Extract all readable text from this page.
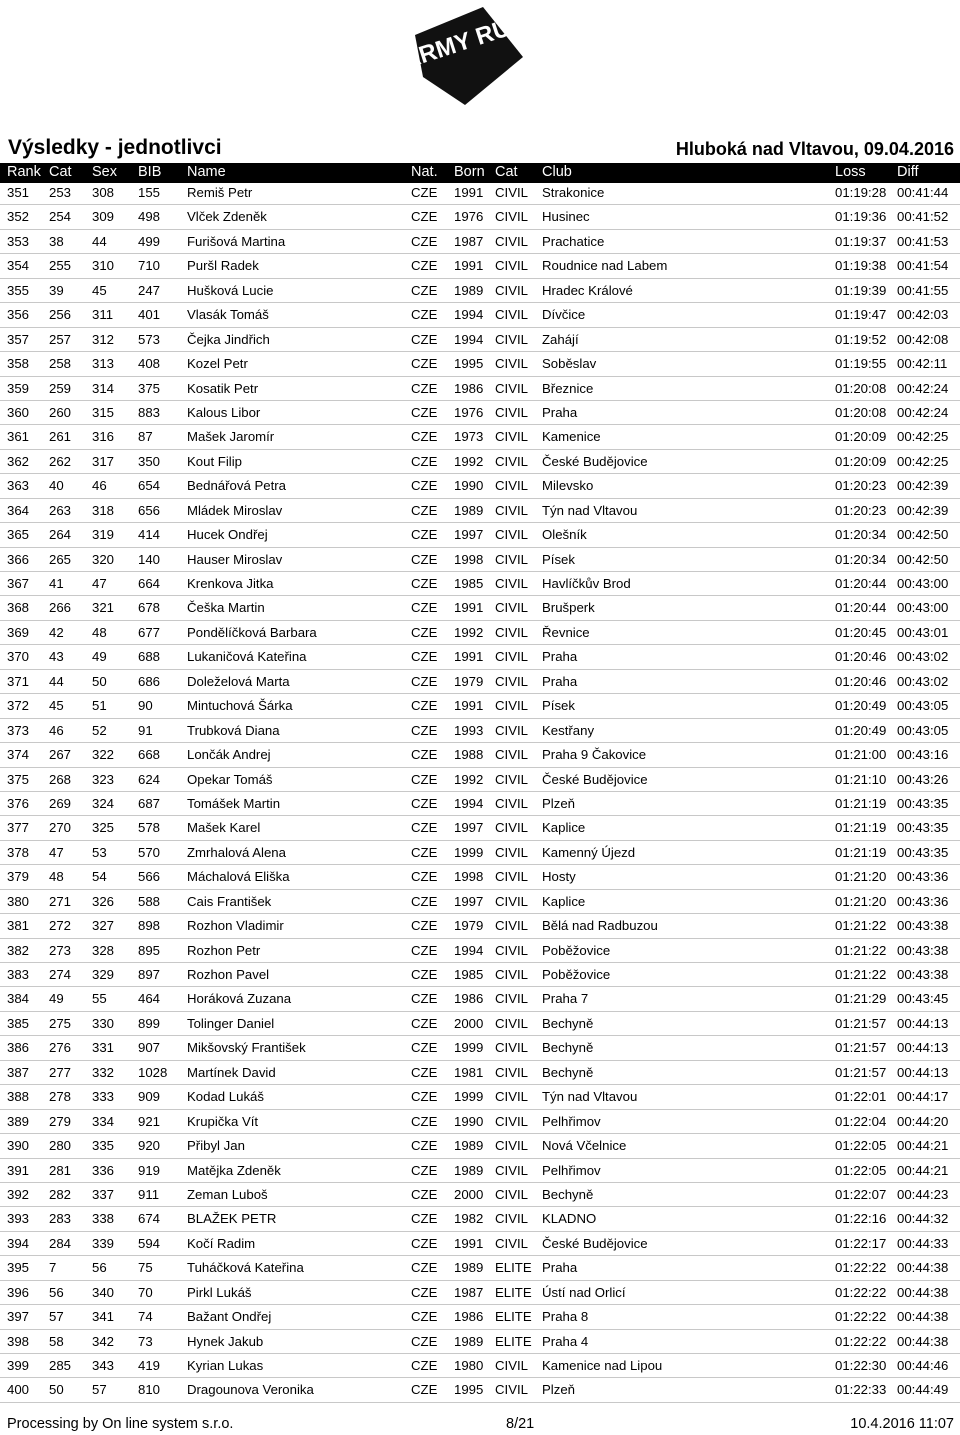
ARMY RUN
Výsledky - jednotlivci	Hluboká nad Vltavou, 09.04.2016
Rank Cat Sex BIB Name	Nat. Born Cat Club	Loss Diff
351 253 308 155 Remiš Petr	CZE 1991 CIVIL Strakonice	01:19:28 00:41:44
352 254 309 498 Vlček Zdeněk	CZE 1976 CIVIL Husinec	01:19:36 00:41:52
353 38 44 499 Furišová Martina	CZE 1987 CIVIL Prachatice	01:19:37 00:41:53
354 255 310 710 Puršl Radek	CZE 1991 CIVIL Roudnice nad Labem	01:19:38 00:41:54
355 39 45 247 Hušková Lucie	CZE 1989 CIVIL Hradec Králové	01:19:39 00:41:55
356 256 311 401 Vlasák Tomáš	CZE 1994 CIVIL Dívčice	01:19:47 00:42:03
357 257 312 573 Čejka Jindřich	CZE 1994 CIVIL Zahájí	01:19:52 00:42:08
358 258 313 408 Kozel Petr	CZE 1995 CIVIL Soběslav	01:19:55 00:42:11
359 259 314 375 Kosatik Petr	CZE 1986 CIVIL Březnice	01:20:08 00:42:24
360 260 315 883 Kalous Libor	CZE 1976 CIVIL Praha	01:20:08 00:42:24
361 261 316 87	Mašek Jaromír	CZE 1973 CIVIL Kamenice	01:20:09 00:42:25
362 262 317 350 Kout Filip	CZE 1992 CIVIL České Budějovice	01:20:09 00:42:25
363 40 46 654 Bednářová Petra	CZE 1990 CIVIL Milevsko	01:20:23 00:42:39
364 263 318 656 Mládek Miroslav	CZE 1989 CIVIL Týn nad Vltavou	01:20:23 00:42:39
365 264 319 414 Hucek Ondřej	CZE 1997 CIVIL Olešník	01:20:34 00:42:50
366 265 320 140 Hauser Miroslav	CZE 1998 CIVIL Písek	01:20:34 00:42:50
367 41 47 664 Krenkova Jitka	CZE 1985 CIVIL Havlíčkův Brod	01:20:44 00:43:00
368 266 321 678 Češka Martin	CZE 1991 CIVIL Brušperk	01:20:44 00:43:00
369 42 48 677 Pondělíčková Barbara	CZE 1992 CIVIL Řevnice	01:20:45 00:43:01
370 43 49 688 Lukaničová Kateřina	CZE 1991 CIVIL Praha	01:20:46 00:43:02
371 44 50 686 Doleželová Marta	CZE 1979 CIVIL Praha	01:20:46 00:43:02
372 45 51 90	Mintuchová Šárka	CZE 1991 CIVIL Písek	01:20:49 00:43:05
373 46 52 91	Trubková Diana	CZE 1993 CIVIL Kestřany	01:20:49 00:43:05
374 267 322 668 Lončák Andrej	CZE 1988 CIVIL Praha 9 Čakovice	01:21:00 00:43:16
375 268 323 624 Opekar Tomáš	CZE 1992 CIVIL České Budějovice	01:21:10 00:43:26
376 269 324 687 Tomášek Martin	CZE 1994 CIVIL Plzeň	01:21:19 00:43:35
377 270 325 578 Mašek Karel	CZE 1997 CIVIL Kaplice	01:21:19 00:43:35
378 47 53 570 Zmrhalová Alena	CZE 1999 CIVIL Kamenný Újezd	01:21:19 00:43:35
379 48 54 566 Máchalová Eliška	CZE 1998 CIVIL Hosty	01:21:20 00:43:36
380 271 326 588 Cais František	CZE 1997 CIVIL Kaplice	01:21:20 00:43:36
381 272 327 898 Rozhon Vladimir	CZE 1979 CIVIL Bělá nad Radbuzou	01:21:22 00:43:38
382 273 328 895 Rozhon Petr	CZE 1994 CIVIL Poběžovice	01:21:22 00:43:38
383 274 329 897 Rozhon Pavel	CZE 1985 CIVIL Poběžovice	01:21:22 00:43:38
384 49 55 464 Horáková Zuzana	CZE 1986 CIVIL Praha 7	01:21:29 00:43:45
385 275 330 899 Tolinger Daniel	CZE 2000 CIVIL Bechyně	01:21:57 00:44:13
386 276 331 907 Mikšovský František	CZE 1999 CIVIL Bechyně	01:21:57 00:44:13
387 277 332 1028 Martínek David	CZE 1981 CIVIL Bechyně	01:21:57 00:44:13
388 278 333 909 Kodad Lukáš	CZE 1999 CIVIL Týn nad Vltavou	01:22:01 00:44:17
389 279 334 921 Krupička Vít	CZE 1990 CIVIL Pelhřimov	01:22:04 00:44:20
390 280 335 920 Přibyl Jan	CZE 1989 CIVIL Nová Včelnice	01:22:05 00:44:21
391 281 336 919 Matějka Zdeněk	CZE 1989 CIVIL Pelhřimov	01:22:05 00:44:21
392 282 337 911 Zeman Luboš	CZE 2000 CIVIL Bechyně	01:22:07 00:44:23
393 283 338 674 BLAŽEK PETR	CZE 1982 CIVIL KLADNO	01:22:16 00:44:32
394 284 339 594 Kočí Radim	CZE 1991 CIVIL České Budějovice	01:22:17 00:44:33
395 7	56 75	Tuháčková Kateřina	CZE 1989 ELITE Praha	01:22:22 00:44:38
396 56 340 70	Pirkl Lukáš	CZE 1987 ELITE Ústí nad Orlicí	01:22:22 00:44:38
397 57 341 74	Bažant Ondřej	CZE 1986 ELITE Praha 8	01:22:22 00:44:38
398 58 342 73	Hynek Jakub	CZE 1989 ELITE Praha 4	01:22:22 00:44:38
399 285 343 419 Kyrian Lukas	CZE 1980 CIVIL Kamenice nad Lipou	01:22:30 00:44:46
400 50 57 810 Dragounova Veronika	CZE 1995 CIVIL Plzeň	01:22:33 00:44:49
Processing by On line system s.r.o.	8/21	10.4.2016 11:07
